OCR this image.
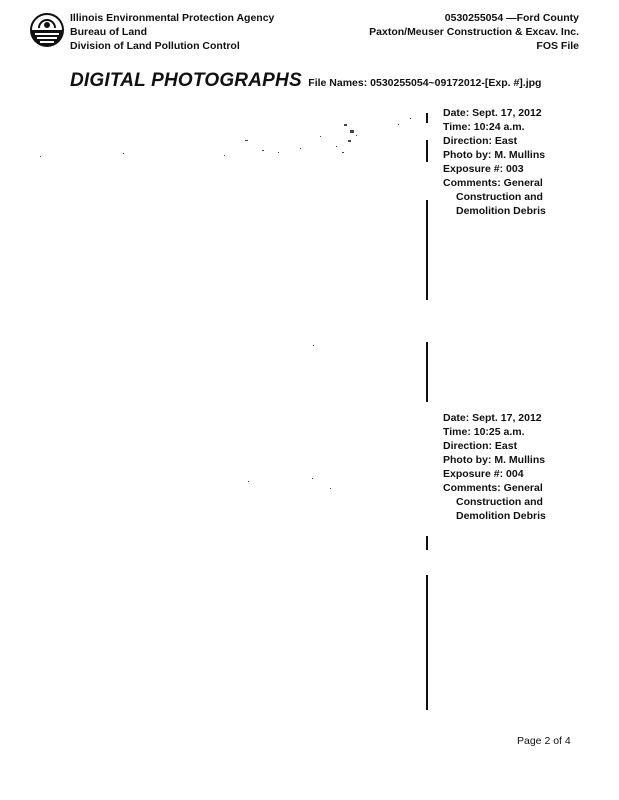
Illinois Environmental Protection Agency
Bureau of Land
Division of Land Pollution Control
0530255054 —Ford County
Paxton/Meuser Construction & Excav. Inc.
FOS File
DIGITAL PHOTOGRAPHS File Names: 0530255054~09172012-[Exp. #].jpg
Date: Sept. 17, 2012
Time: 10:24 a.m.
Direction: East
Photo by: M. Mullins
Exposure #: 003
Comments: General
Construction and
Demolition Debris
Date: Sept. 17, 2012
Time: 10:25 a.m.
Direction: East
Photo by: M. Mullins
Exposure #: 004
Comments: General
Construction and
Demolition Debris
Page 2 of 4
